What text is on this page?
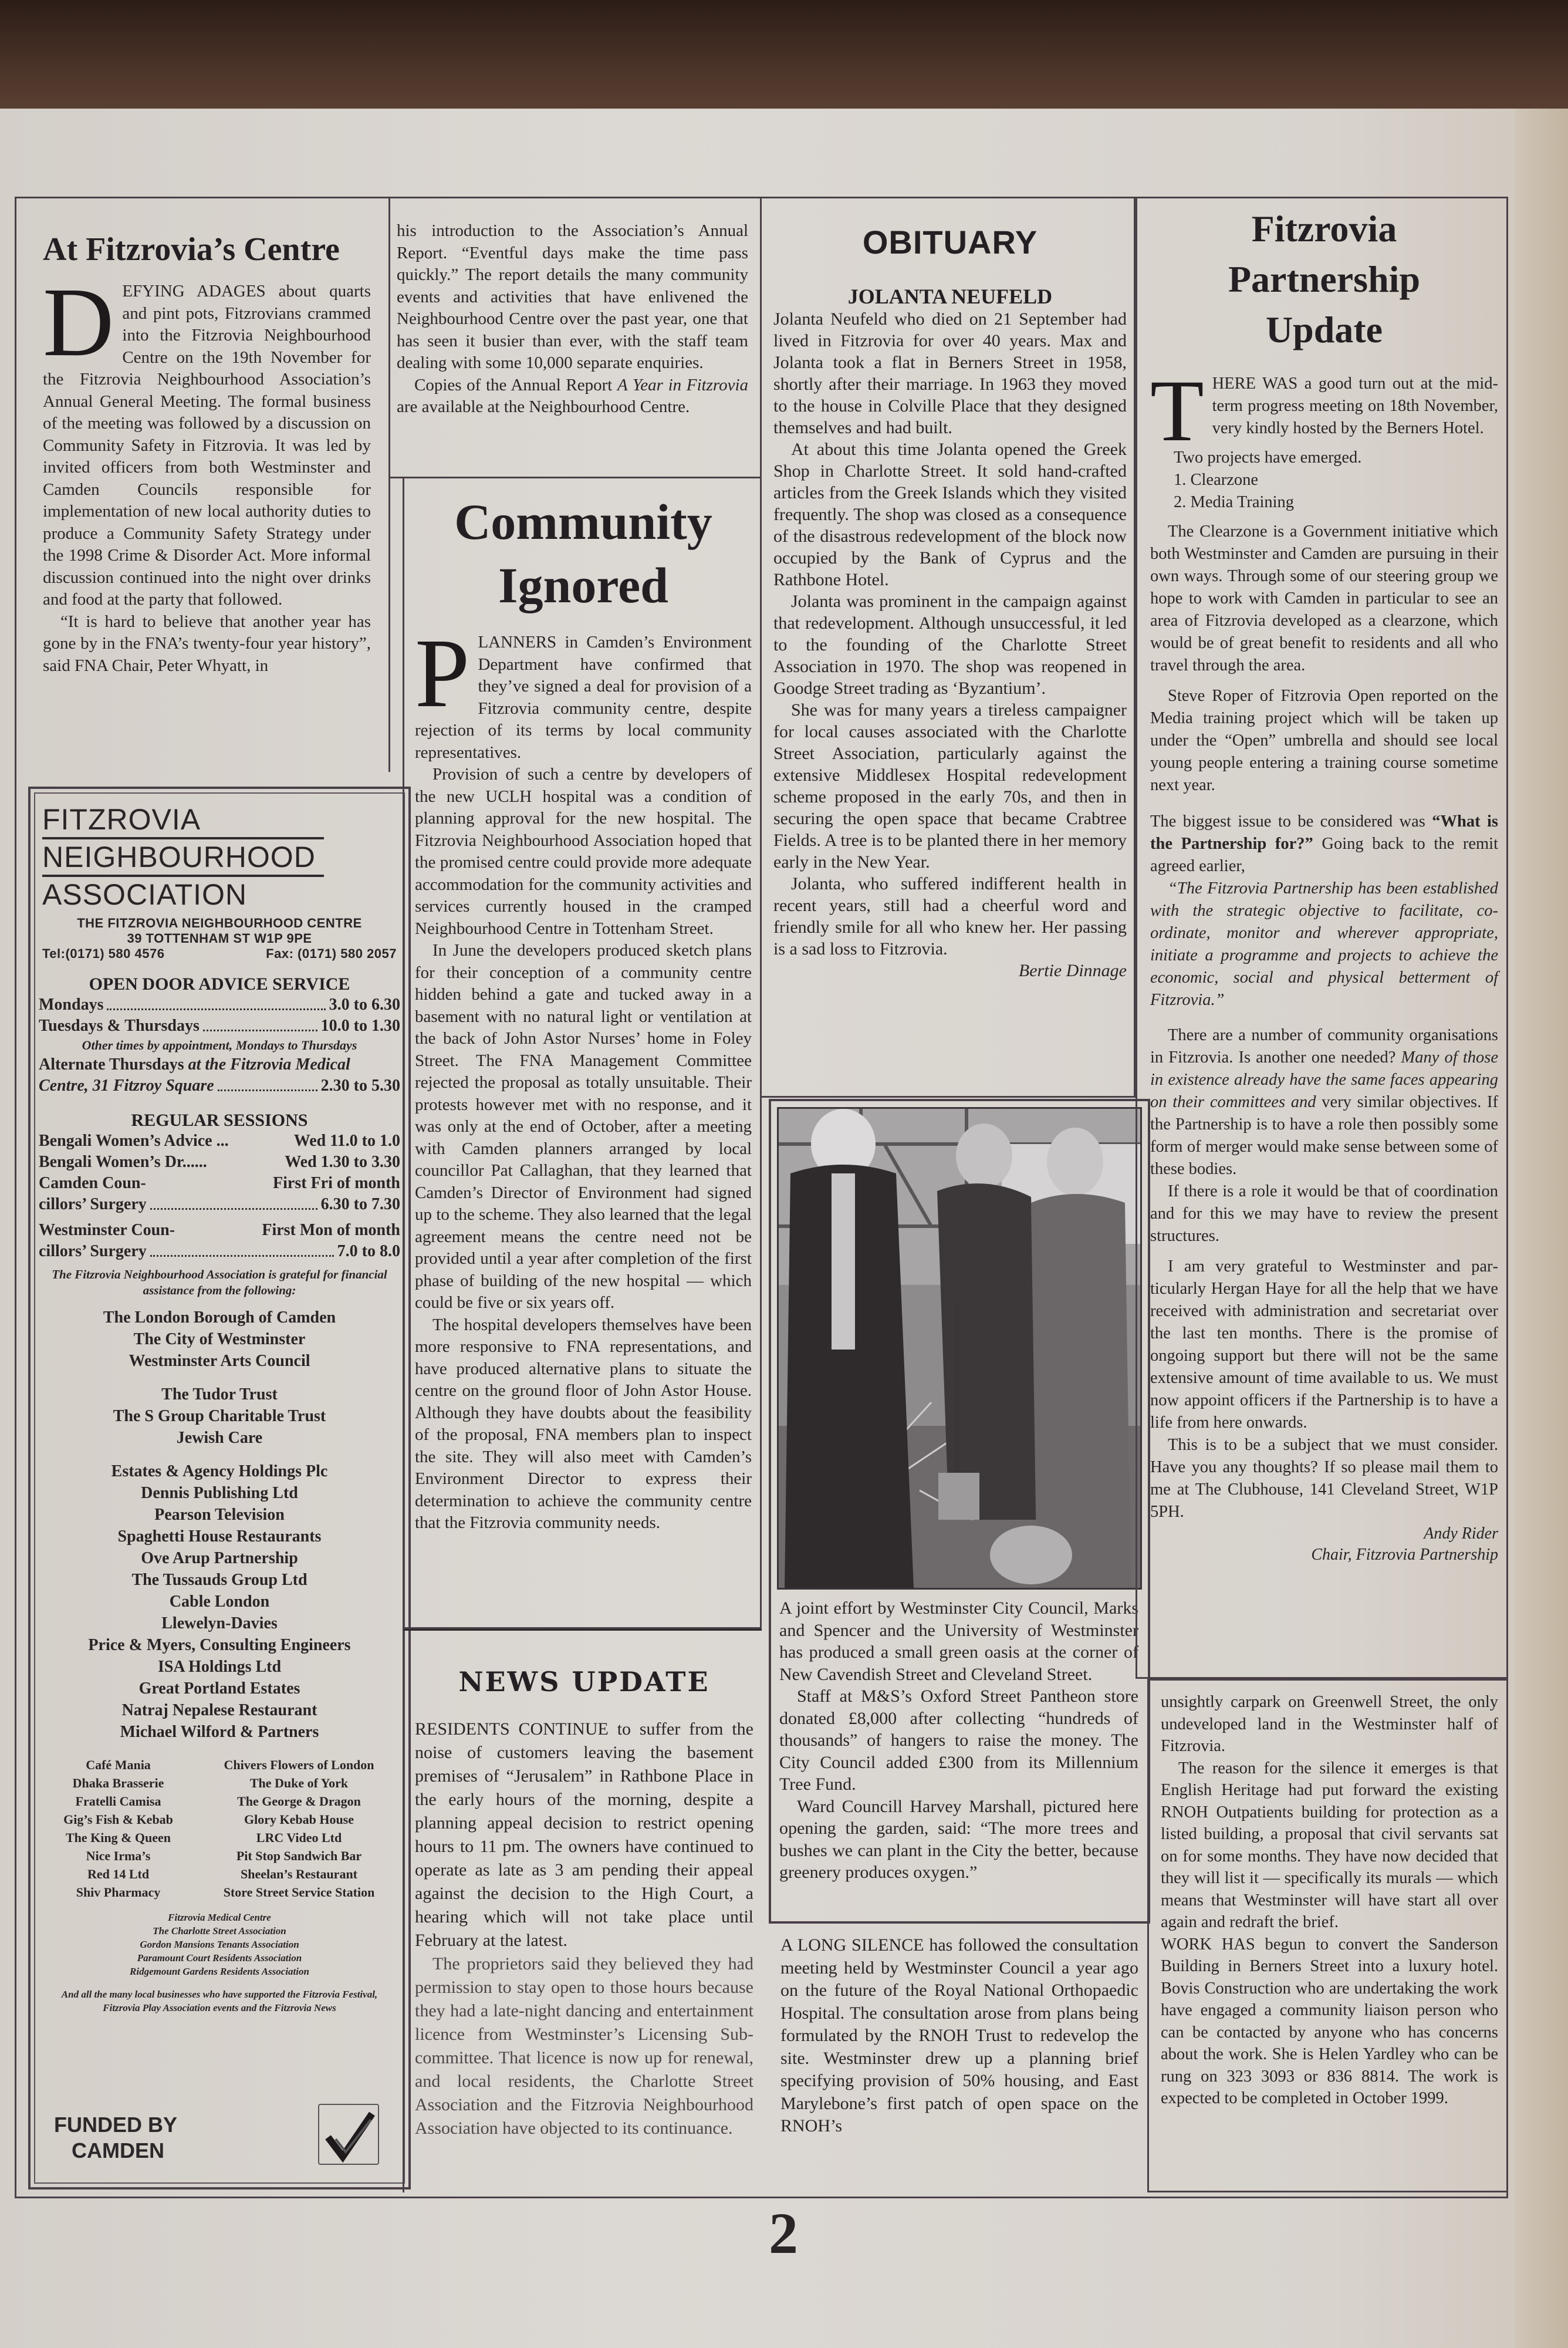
At Fitzrovia’s Centre

DEFYING ADAGES about quarts and pint pots, Fitzrovians crammed into the Fitzrovia Neighbourhood Centre on the 19th November for the Fitzrovia Neighbourhood Association’s Annual General Meeting. The formal business of the meeting was followed by a discussion on Community Safety in Fitzrovia. It was led by invited officers from both Westminster and Camden Councils responsible for implementation of new local authority duties to produce a Community Safety Strategy under the 1998 Crime & Disorder Act. More informal discussion continued into the night over drinks and food at the party that followed.

“It is hard to believe that another year has gone by in the FNA’s twenty-four year history”, said FNA Chair, Peter Whyatt, in

FITZROVIA
NEIGHBOURHOOD
ASSOCIATION
THE FITZROVIA NEIGHBOURHOOD CENTRE
39 TOTTENHAM ST W1P 9PE
Tel:(0171) 580 4576	Fax: (0171) 580 2057
OPEN DOOR ADVICE SERVICE
Mondays	3.0 to 6.30
Tuesdays & Thursdays	10.0 to 1.30
Other times by appointment, Mondays to Thursdays
Alternate Thursdays
at the Fitzrovia Medical
Centre, 31 Fitzroy Square	2.30 to 5.30
REGULAR SESSIONS
Bengali Women’s Advice ...	Wed 11.0 to 1.0
Bengali Women’s Dr......	Wed 1.30 to 3.30
Camden Coun-	First Fri of month
cillors’ Surgery	6.30 to 7.30
Westminster Coun-	First Mon of month
cillors’ Surgery	7.0 to 8.0
The Fitzrovia Neighbourhood Association is grateful for financial assistance from the following:
The London Borough of Camden
The City of Westminster
Westminster Arts Council
The Tudor Trust
The S Group Charitable Trust
Jewish Care
Estates & Agency Holdings Plc
Dennis Publishing Ltd
Pearson Television
Spaghetti House Restaurants
Ove Arup Partnership
The Tussauds Group Ltd
Cable London
Llewelyn-Davies
Price & Myers, Consulting Engineers
ISA Holdings Ltd
Great Portland Estates
Natraj Nepalese Restaurant
Michael Wilford & Partners
Café Mania
Dhaka Brasserie
Fratelli Camisa
Gig’s Fish & Kebab
The King & Queen
Nice Irma’s
Red 14 Ltd
Shiv Pharmacy
Chivers Flowers of London
The Duke of York
The George & Dragon
Glory Kebab House
LRC Video Ltd
Pit Stop Sandwich Bar
Sheelan’s Restaurant
Store Street Service Station
Fitzrovia Medical Centre
The Charlotte Street Association
Gordon Mansions Tenants Association
Paramount Court Residents Association
Ridgemount Gardens Residents Association
And all the many local businesses who have supported the Fitzrovia Festival, Fitzrovia Play Association events and the Fitzrovia News
FUNDED BY
CAMDEN

his introduction to the Association’s Annual Report. “Eventful days make the time pass quickly.” The report details the many community events and activities that have enlivened the Neighbourhood Centre over the past year, one that has seen it busier than ever, with the staff team dealing with some 10,000 separate enquiries.

Copies of the Annual Report A Year in Fitzrovia are available at the Neighbourhood Centre.

Community
Ignored

PLANNERS in Camden’s Environment Department have confirmed that they’ve signed a deal for provision of a Fitzrovia community centre, despite rejection of its terms by local community representatives.

Provision of such a centre by developers of the new UCLH hospital was a condition of planning approval for the new hospital. The Fitzrovia Neighbourhood Association hoped that the promised centre could provide more adequate accommodation for the community activities and services currently housed in the cramped Neighbourhood Centre in Tottenham Street.

In June the developers produced sketch plans for their conception of a community centre hidden behind a gate and tucked away in a basement with no natural light or ventilation at the back of John Astor Nurses’ home in Foley Street. The FNA Management Committee rejected the proposal as totally unsuitable. Their protests however met with no response, and it was only at the end of October, after a meeting with Camden planners arranged by local councillor Pat Callaghan, that they learned that Camden’s Director of Environment had signed up to the scheme. They also learned that the legal agreement means the centre need not be provided until a year after completion of the first phase of building of the new hospital — which could be five or six years off.

The hospital developers themselves have been more responsive to FNA representations, and have produced alternative plans to situate the centre on the ground floor of John Astor House. Although they have doubts about the feasibility of the proposal, FNA members plan to inspect the site. They will also meet with Camden’s Environment Director to express their determination to achieve the community centre that the Fitzrovia community needs.

NEWS UPDATE

RESIDENTS CONTINUE to suffer from the noise of customers leaving the basement premises of “Jerusalem” in Rathbone Place in the early hours of the morning, despite a planning appeal decision to restrict opening hours to 11 pm. The owners have continued to operate as late as 3 am pending their appeal against the decision to the High Court, a hearing which will not take place until February at the latest.

The proprietors said they believed they had permission to stay open to those hours because they had a late-night dancing and entertainment licence from Westminster’s Licensing Sub-committee. That licence is now up for renewal, and local residents, the Charlotte Street Association and the Fitzrovia Neighbourhood Association have objected to its continuance.

OBITUARY
JOLANTA NEUFELD

Jolanta Neufeld who died on 21 September had lived in Fitzrovia for over 40 years. Max and Jolanta took a flat in Berners Street in 1958, shortly after their marriage. In 1963 they moved to the house in Colville Place that they designed themselves and had built.

At about this time Jolanta opened the Greek Shop in Charlotte Street. It sold hand-crafted articles from the Greek Islands which they visited frequently. The shop was closed as a consequence of the disastrous redevelopment of the block now occupied by the Bank of Cyprus and the Rathbone Hotel.

Jolanta was prominent in the campaign against that redevelopment. Although unsuccessful, it led to the founding of the Charlotte Street Association in 1970. The shop was reopened in Goodge Street trading as ‘Byzantium’.

She was for many years a tireless campaigner for local causes associated with the Charlotte Street Association, particularly against the extensive Middlesex Hospital redevelopment scheme proposed in the early 70s, and then in securing the open space that became Crabtree Fields. A tree is to be planted there in her memory early in the New Year.

Jolanta, who suffered indifferent health in recent years, still had a cheerful word and friendly smile for all who knew her. Her passing is a sad loss to Fitzrovia.

Bertie Dinnage

A joint effort by Westminster City Council, Marks and Spencer and the University of Westminster has produced a small green oasis at the corner of New Cavendish Street and Cleveland Street.

Staff at M&S’s Oxford Street Pantheon store donated £8,000 after collecting “hundreds of thousands” of hangers to raise the money. The City Council added £300 from its Millennium Tree Fund.

Ward Councill Harvey Marshall, pictured here opening the garden, said: “The more trees and bushes we can plant in the City the better, because greenery produces oxygen.”

A LONG SILENCE has followed the consultation meeting held by Westminster Council a year ago on the future of the Royal National Orthopaedic Hospital. The consultation arose from plans being formulated by the RNOH Trust to redevelop the site. Westminster drew up a planning brief specifying provision of 50% housing, and East Marylebone’s first patch of open space on the RNOH’s

Fitzrovia
Partnership
Update

THERE WAS a good turn out at the mid-term progress meeting on 18th November, very kindly hosted by the Berners Hotel.

Two projects have emerged.

1. Clearzone

2. Media Training

The Clearzone is a Government initiative which both Westminster and Camden are pursuing in their own ways. Through some of our steering group we hope to work with Camden in particular to see an area of Fitzrovia developed as a clearzone, which would be of great benefit to residents and all who travel through the area.

Steve Roper of Fitzrovia Open reported on the Media training project which will be taken up under the “Open” umbrella and should see local young people entering a training course sometime next year.

The biggest issue to be considered was “What is the Partnership for?” Going back to the remit agreed earlier,

“The Fitzrovia Partnership has been established with the strategic objective to facilitate, co-ordinate, monitor and wherever appropriate, initiate a programme and projects to achieve the economic, social and physical betterment of Fitzrovia.”

There are a number of community organisations in Fitzrovia. Is another one needed? Many of those in existence already have the same faces appearing on their committees and very similar objectives. If the Partnership is to have a role then possibly some form of merger would make sense between some of these bodies.

If there is a role it would be that of coordination and for this we may have to review the present structures.

I am very grateful to Westminster and particularly Hergan Haye for all the help that we have received with administration and secretariat over the last ten months. There is the promise of ongoing support but there will not be the same extensive amount of time available to us. We must now appoint officers if the Partnership is to have a life from here onwards.

This is to be a subject that we must consider. Have you any thoughts? If so please mail them to me at The Clubhouse, 141 Cleveland Street, W1P 5PH.

Andy Rider
Chair, Fitzrovia Partnership

unsightly carpark on Greenwell Street, the only undeveloped land in the Westminster half of Fitzrovia.

The reason for the silence it emerges is that English Heritage had put forward the existing RNOH Outpatients building for protection as a listed building, a proposal that civil servants sat on for some months. They have now decided that they will list it — specifically its murals — which means that Westminster will have start all over again and redraft the brief.

WORK HAS begun to convert the Sanderson Building in Berners Street into a luxury hotel. Bovis Construction who are undertaking the work have engaged a community liaison person who can be contacted by anyone who has concerns about the work. She is Helen Yardley who can be rung on 323 3093 or 836 8814. The work is expected to be completed in October 1999.

2
